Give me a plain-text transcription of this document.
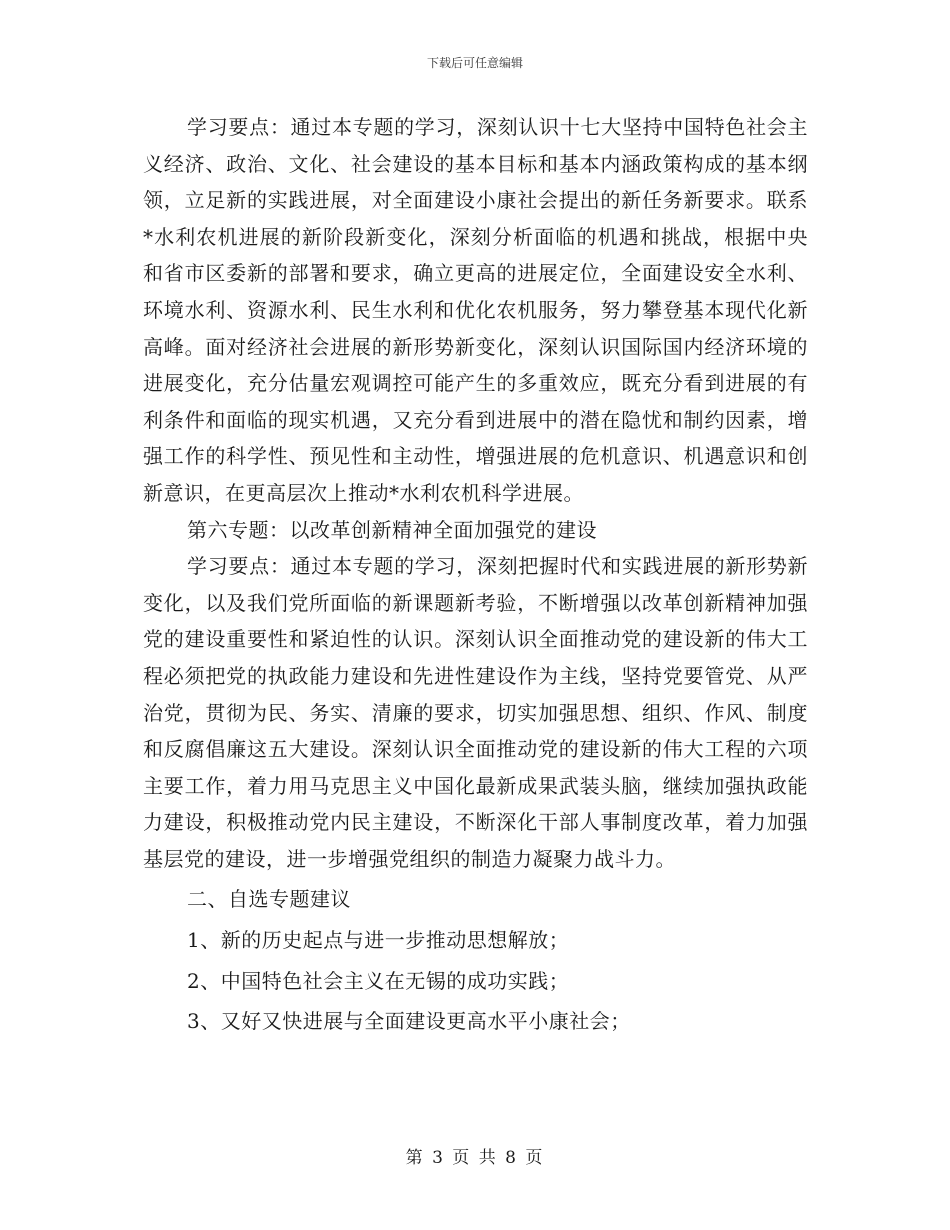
下载后可任意编辑

学习要点：通过本专题的学习，深刻认识十七大坚持中国特色社会主义经济、政治、文化、社会建设的基本目标和基本内涵政策构成的基本纲领，立足新的实践进展，对全面建设小康社会提出的新任务新要求。联系*水利农机进展的新阶段新变化，深刻分析面临的机遇和挑战，根据中央和省市区委新的部署和要求，确立更高的进展定位，全面建设安全水利、环境水利、资源水利、民生水利和优化农机服务，努力攀登基本现代化新高峰。面对经济社会进展的新形势新变化，深刻认识国际国内经济环境的进展变化，充分估量宏观调控可能产生的多重效应，既充分看到进展的有利条件和面临的现实机遇，又充分看到进展中的潜在隐忧和制约因素，增强工作的科学性、预见性和主动性，增强进展的危机意识、机遇意识和创新意识，在更高层次上推动*水利农机科学进展。

第六专题：以改革创新精神全面加强党的建设

学习要点：通过本专题的学习，深刻把握时代和实践进展的新形势新变化，以及我们党所面临的新课题新考验，不断增强以改革创新精神加强党的建设重要性和紧迫性的认识。深刻认识全面推动党的建设新的伟大工程必须把党的执政能力建设和先进性建设作为主线，坚持党要管党、从严治党，贯彻为民、务实、清廉的要求，切实加强思想、组织、作风、制度和反腐倡廉这五大建设。深刻认识全面推动党的建设新的伟大工程的六项主要工作，着力用马克思主义中国化最新成果武装头脑，继续加强执政能力建设，积极推动党内民主建设，不断深化干部人事制度改革，着力加强基层党的建设，进一步增强党组织的制造力凝聚力战斗力。

二、自选专题建议

1、新的历史起点与进一步推动思想解放；

2、中国特色社会主义在无锡的成功实践；

3、又好又快进展与全面建设更高水平小康社会；

第 3 页 共 8 页
